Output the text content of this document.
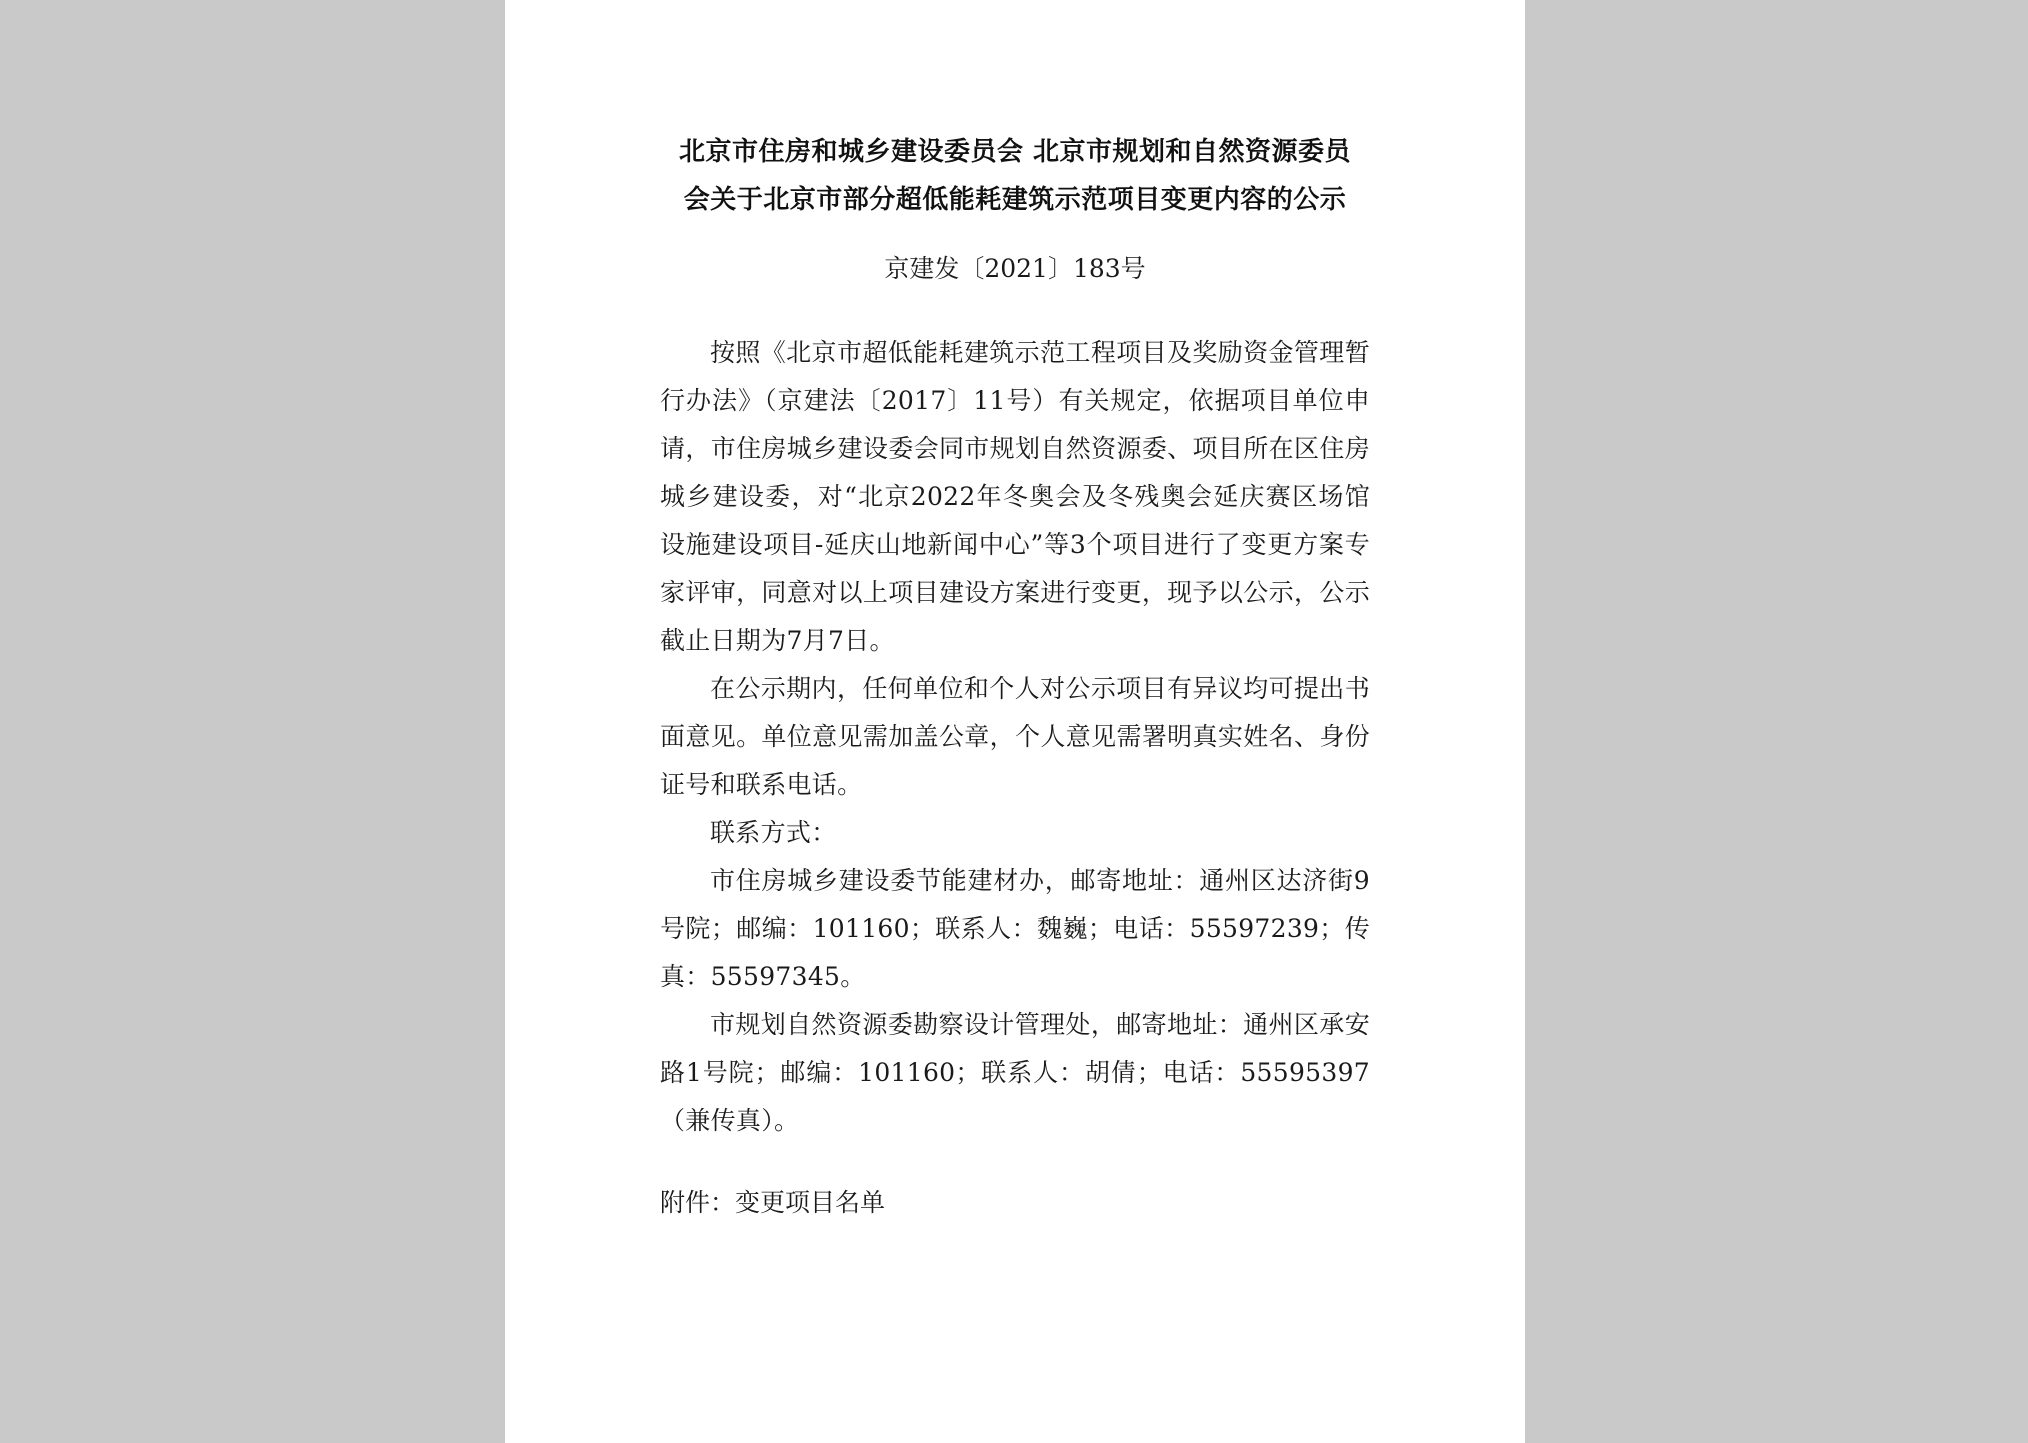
北京市住房和城乡建设委员会 北京市规划和自然资源委员
会关于北京市部分超低能耗建筑示范项目变更内容的公示
京建发〔2021〕183号

按照《北京市超低能耗建筑示范工程项目及奖励资金管理暂行办法》（京建法〔2017〕11号）有关规定，依据项目单位申请，市住房城乡建设委会同市规划自然资源委、项目所在区住房城乡建设委，对“北京2022年冬奥会及冬残奥会延庆赛区场馆设施建设项目-延庆山地新闻中心”等3个项目进行了变更方案专家评审，同意对以上项目建设方案进行变更，现予以公示，公示截止日期为7月7日。

在公示期内，任何单位和个人对公示项目有异议均可提出书面意见。单位意见需加盖公章，个人意见需署明真实姓名、身份证号和联系电话。

联系方式：

市住房城乡建设委节能建材办，邮寄地址：通州区达济街9号院；邮编：101160；联系人：魏巍；电话：55597239；传真：55597345。

市规划自然资源委勘察设计管理处，邮寄地址：通州区承安路1号院；邮编：101160；联系人：胡倩；电话：55595397（兼传真）。

附件：变更项目名单
